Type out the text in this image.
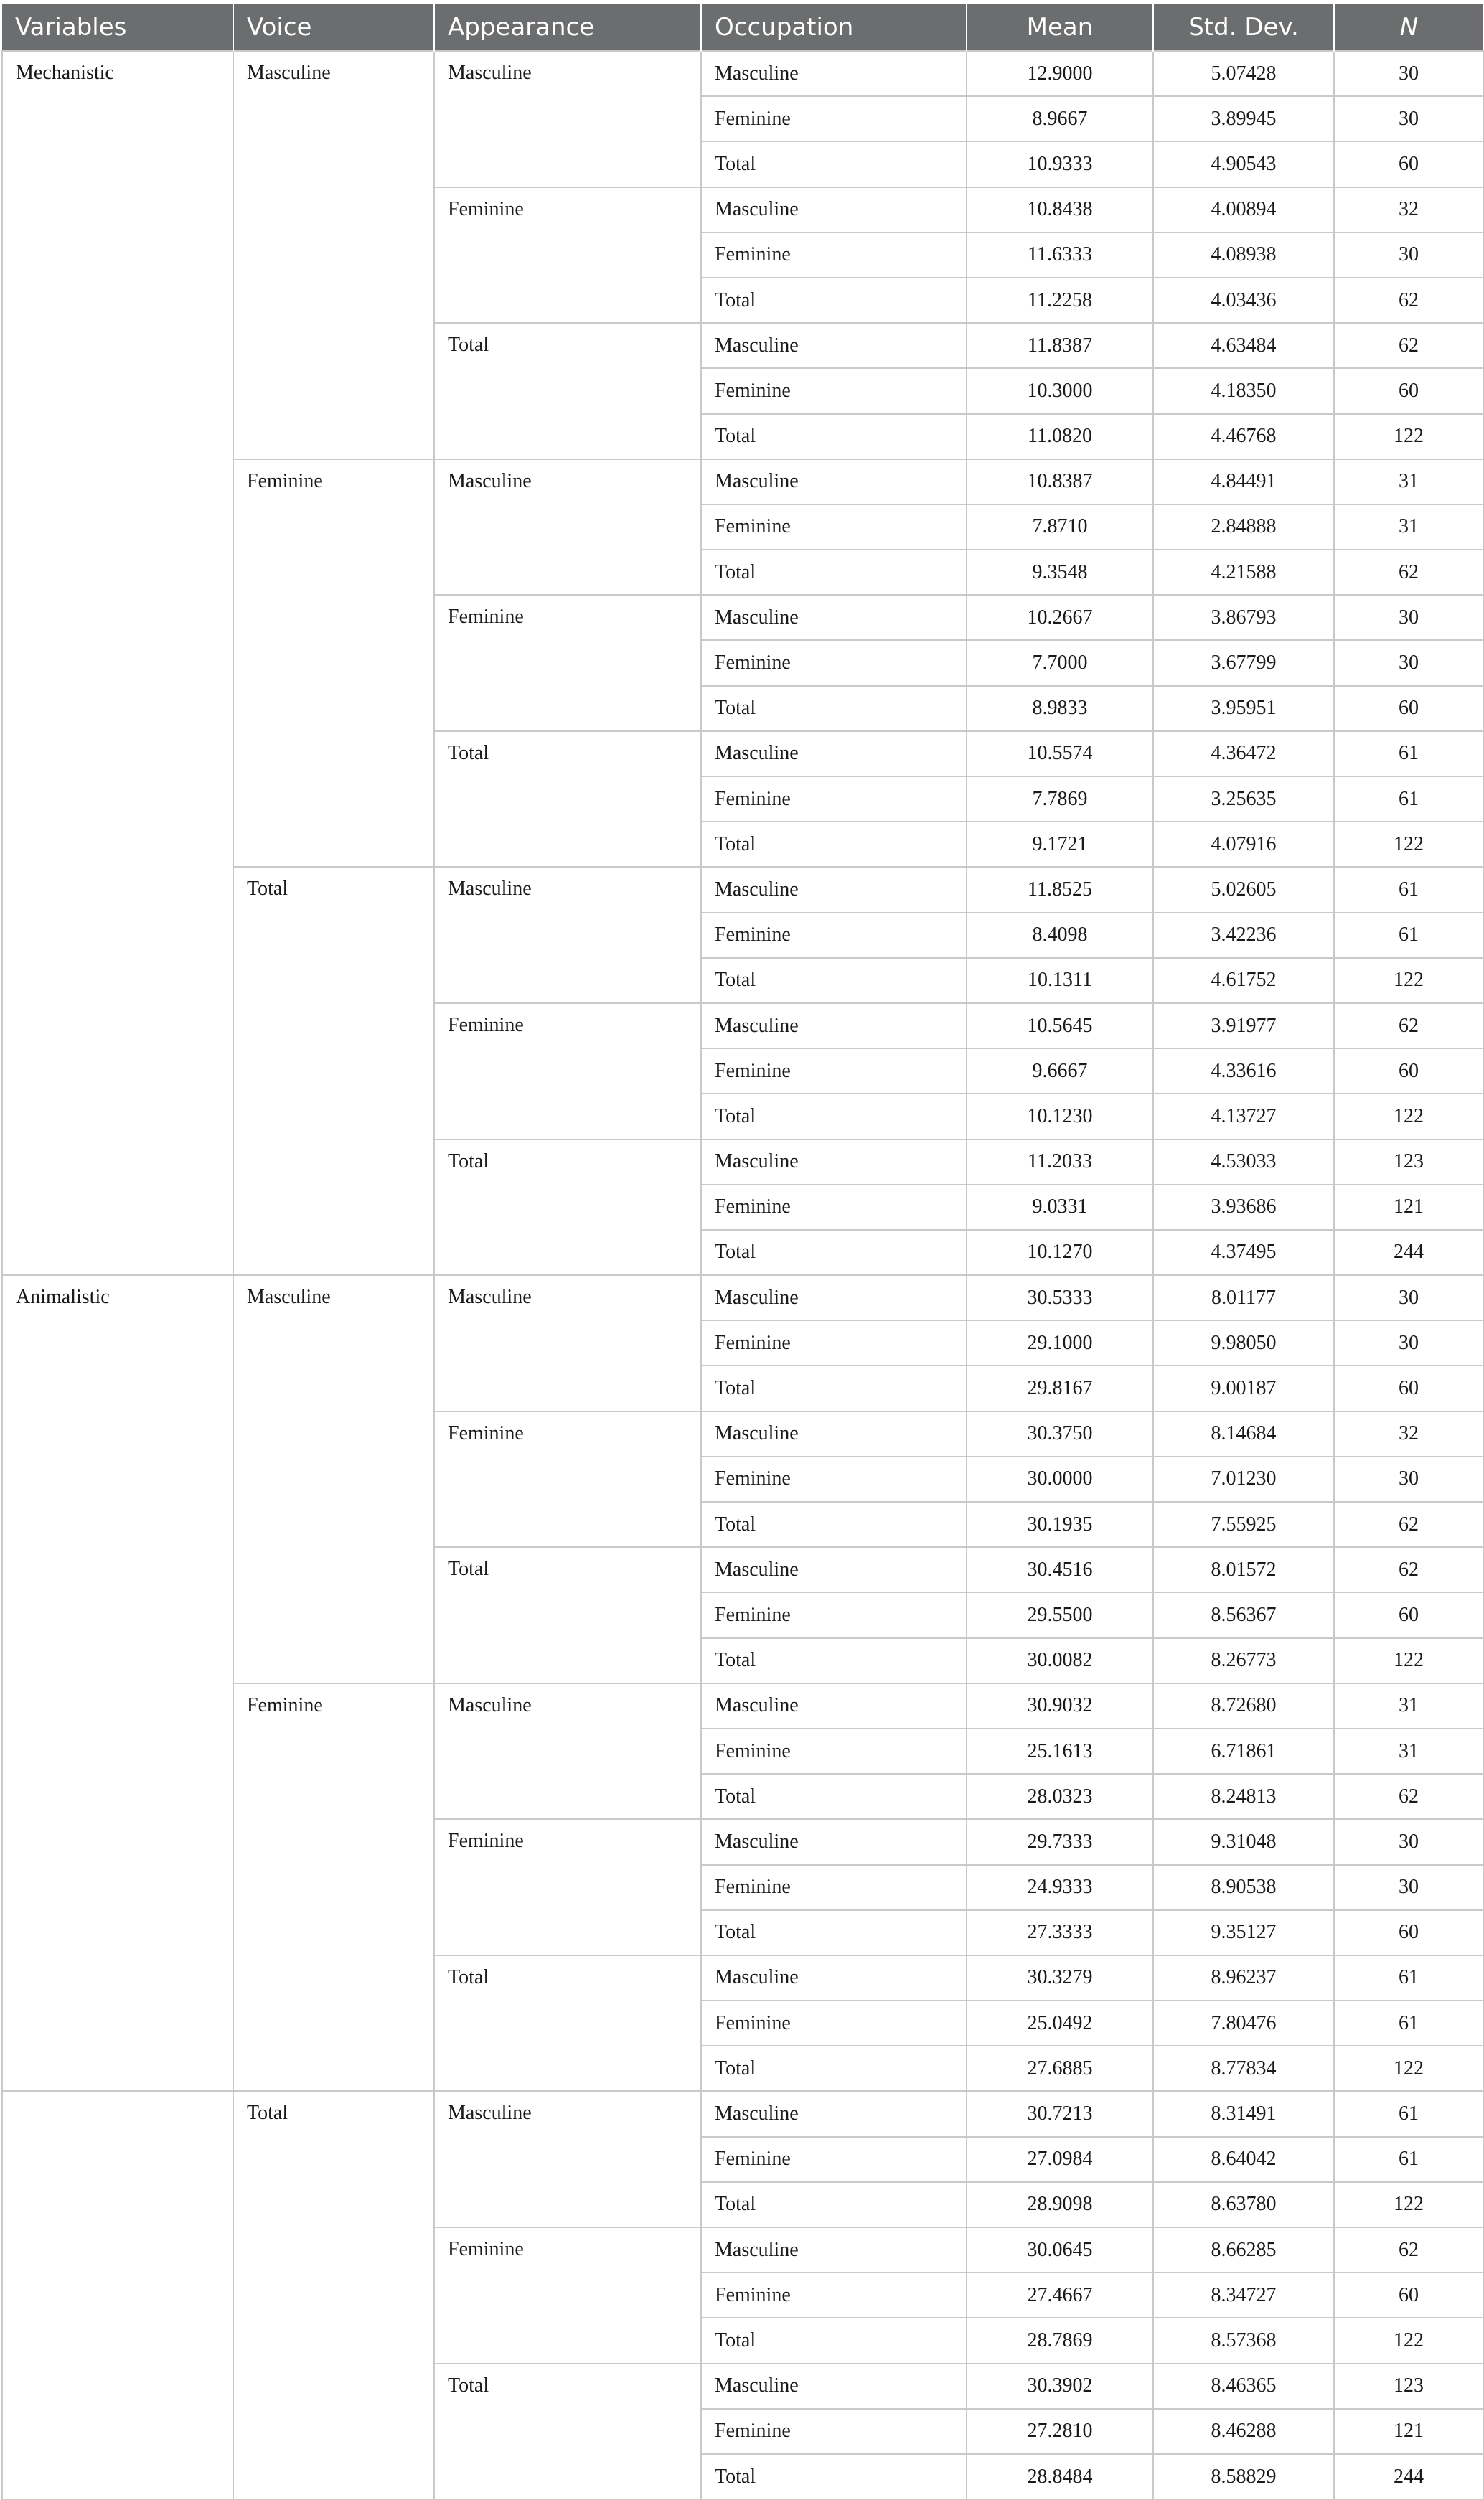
Variables	Voice	Appearance	Occupation	Mean	Std. Dev.	N
Mechanistic	Masculine	Masculine	Masculine	12.9000	5.07428	30
			Feminine	8.9667	3.89945	30
			Total	10.9333	4.90543	60
		Feminine	Masculine	10.8438	4.00894	32
			Feminine	11.6333	4.08938	30
			Total	11.2258	4.03436	62
		Total	Masculine	11.8387	4.63484	62
			Feminine	10.3000	4.18350	60
			Total	11.0820	4.46768	122
	Feminine	Masculine	Masculine	10.8387	4.84491	31
			Feminine	7.8710	2.84888	31
			Total	9.3548	4.21588	62
		Feminine	Masculine	10.2667	3.86793	30
			Feminine	7.7000	3.67799	30
			Total	8.9833	3.95951	60
		Total	Masculine	10.5574	4.36472	61
			Feminine	7.7869	3.25635	61
			Total	9.1721	4.07916	122
	Total	Masculine	Masculine	11.8525	5.02605	61
			Feminine	8.4098	3.42236	61
			Total	10.1311	4.61752	122
		Feminine	Masculine	10.5645	3.91977	62
			Feminine	9.6667	4.33616	60
			Total	10.1230	4.13727	122
		Total	Masculine	11.2033	4.53033	123
			Feminine	9.0331	3.93686	121
			Total	10.1270	4.37495	244
Animalistic	Masculine	Masculine	Masculine	30.5333	8.01177	30
			Feminine	29.1000	9.98050	30
			Total	29.8167	9.00187	60
		Feminine	Masculine	30.3750	8.14684	32
			Feminine	30.0000	7.01230	30
			Total	30.1935	7.55925	62
		Total	Masculine	30.4516	8.01572	62
			Feminine	29.5500	8.56367	60
			Total	30.0082	8.26773	122
	Feminine	Masculine	Masculine	30.9032	8.72680	31
			Feminine	25.1613	6.71861	31
			Total	28.0323	8.24813	62
		Feminine	Masculine	29.7333	9.31048	30
			Feminine	24.9333	8.90538	30
			Total	27.3333	9.35127	60
		Total	Masculine	30.3279	8.96237	61
			Feminine	25.0492	7.80476	61
			Total	27.6885	8.77834	122
	Total	Masculine	Masculine	30.7213	8.31491	61
			Feminine	27.0984	8.64042	61
			Total	28.9098	8.63780	122
		Feminine	Masculine	30.0645	8.66285	62
			Feminine	27.4667	8.34727	60
			Total	28.7869	8.57368	122
		Total	Masculine	30.3902	8.46365	123
			Feminine	27.2810	8.46288	121
			Total	28.8484	8.58829	244
